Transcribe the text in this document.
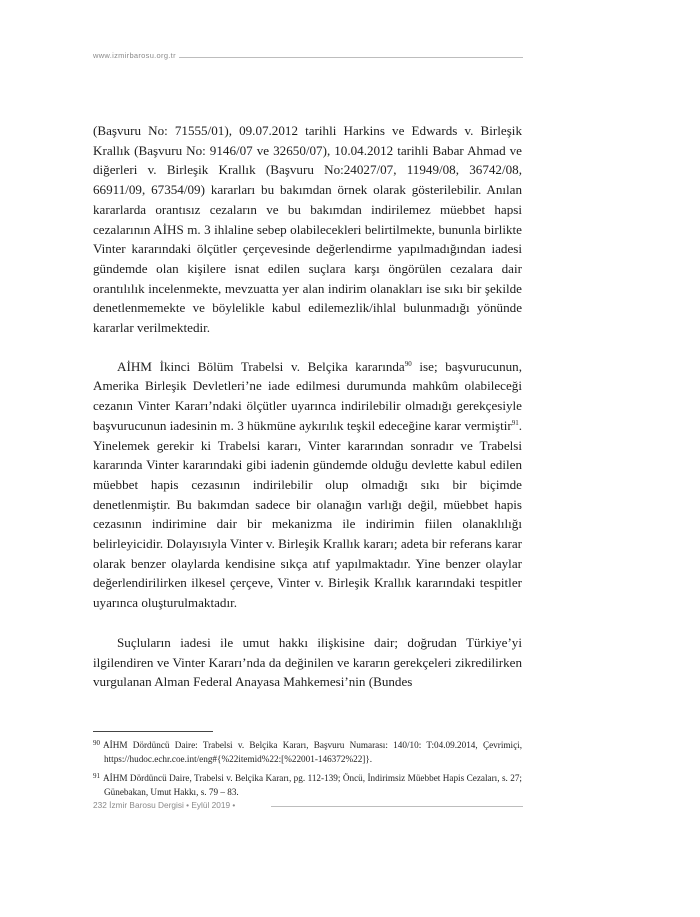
www.izmirbarosu.org.tr

(Başvuru No: 71555/01), 09.07.2012 tarihli Harkins ve Edwards v. Birleşik Krallık (Başvuru No: 9146/07 ve 32650/07), 10.04.2012 tarihli Babar Ahmad ve diğerleri v. Birleşik Krallık (Başvuru No:24027/07, 11949/08, 36742/08, 66911/09, 67354/09) kararları bu bakımdan örnek olarak gösterilebilir. Anılan kararlarda orantısız cezaların ve bu bakımdan indirilemez müebbet hapsi cezalarının AİHS m. 3 ihlaline sebep olabilecekleri belirtilmekte, bununla birlikte Vinter kararındaki ölçütler çerçevesinde değerlendirme yapılmadığından iadesi gündemde olan kişilere isnat edilen suçlara karşı öngörülen cezalara dair orantılılık incelenmekte, mevzuatta yer alan indirim olanakları ise sıkı bir şekilde denetlenmemekte ve böylelikle kabul edilemezlik/ihlal bulunmadığı yönünde kararlar verilmektedir.

AİHM İkinci Bölüm Trabelsi v. Belçika kararında$^{90}$ ise; başvurucunun, Amerika Birleşik Devletleri’ne iade edilmesi durumunda mahkûm olabileceği cezanın Vinter Kararı’ndaki ölçütler uyarınca indirilebilir olmadığı gerekçesiyle başvurucunun iadesinin m. 3 hükmüne aykırılık teşkil edeceğine karar vermiştir$^{91}$. Yinelemek gerekir ki Trabelsi kararı, Vinter kararından sonradır ve Trabelsi kararında Vinter kararındaki gibi iadenin gündemde olduğu devlette kabul edilen müebbet hapis cezasının indirilebilir olup olmadığı sıkı bir biçimde denetlenmiştir. Bu bakımdan sadece bir olanağın varlığı değil, müebbet hapis cezasının indirimine dair bir mekanizma ile indirimin fiilen olanaklılığı belirleyicidir. Dolayısıyla Vinter v. Birleşik Krallık kararı; adeta bir referans karar olarak benzer olaylarda kendisine sıkça atıf yapılmaktadır. Yine benzer olaylar değerlendirilirken ilkesel çerçeve, Vinter v. Birleşik Krallık kararındaki tespitler uyarınca oluşturulmaktadır.

Suçluların iadesi ile umut hakkı ilişkisine dair; doğrudan Türkiye’yi ilgilendiren ve Vinter Kararı’nda da değinilen ve kararın gerekçeleri zikredilirken vurgulanan Alman Federal Anayasa Mahkemesi’nin (Bundes

$^{90}$ AİHM Dördüncü Daire: Trabelsi v. Belçika Kararı, Başvuru Numarası: 140/10: T:04.09.2014, Çevrimiçi, https://hudoc.echr.coe.int/eng#{%22itemid%22:[%22001-146372%22]}.

$^{91}$ AİHM Dördüncü Daire, Trabelsi v. Belçika Kararı, pg. 112-139; Öncü, İndirimsiz Müebbet Hapis Cezaları, s. 27; Günebakan, Umut Hakkı, s. 79 – 83.

232 İzmir Barosu Dergisi • Eylül 2019 •
